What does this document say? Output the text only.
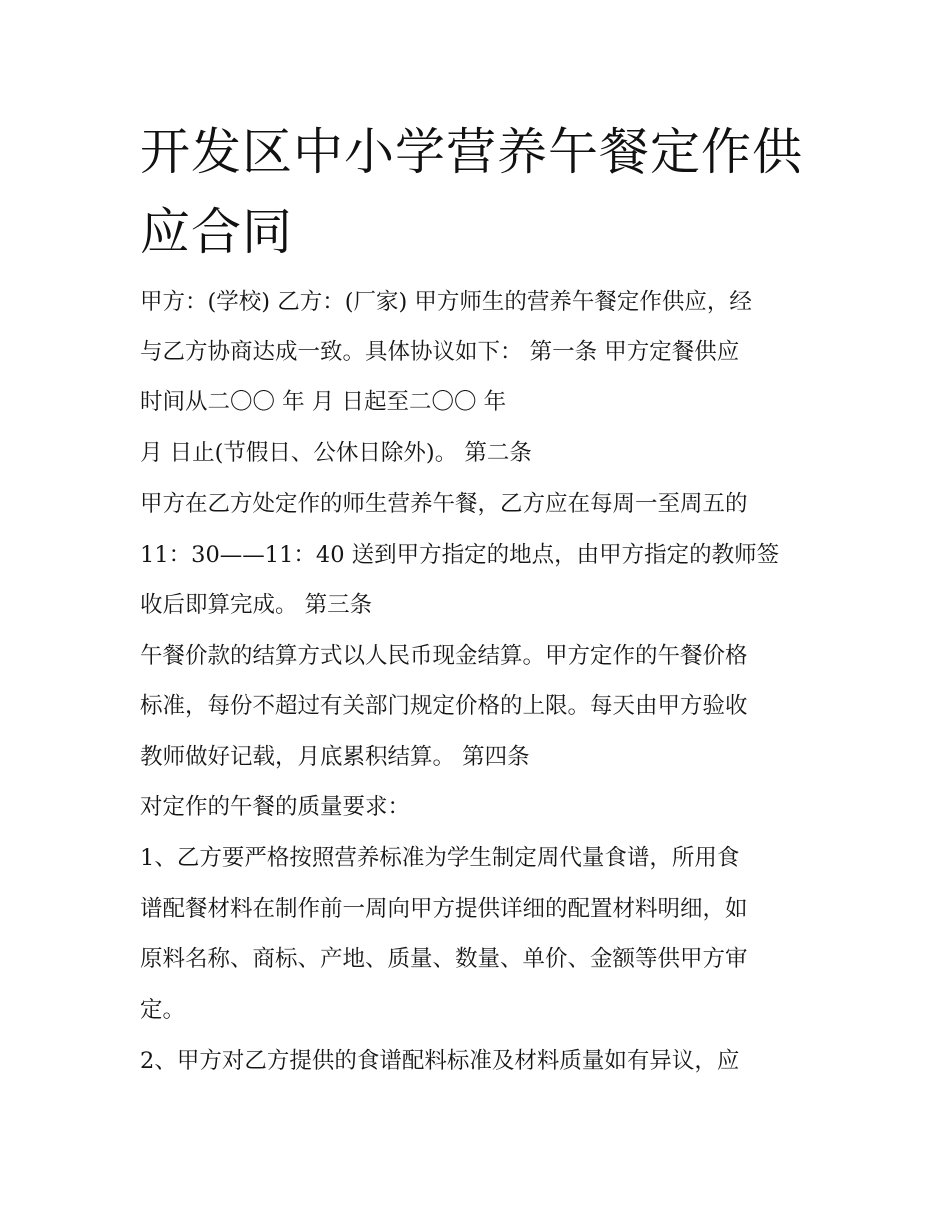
开发区中小学营养午餐定作供
应合同

甲方：(学校) 乙方：(厂家) 甲方师生的营养午餐定作供应，经

与乙方协商达成一致。具体协议如下： 第一条 甲方定餐供应

时间从二〇〇 年 月 日起至二〇〇 年

月 日止(节假日、公休日除外)。 第二条

甲方在乙方处定作的师生营养午餐，乙方应在每周一至周五的

11：30——11：40 送到甲方指定的地点，由甲方指定的教师签

收后即算完成。 第三条

午餐价款的结算方式以人民币现金结算。甲方定作的午餐价格

标准，每份不超过有关部门规定价格的上限。每天由甲方验收

教师做好记载，月底累积结算。 第四条

对定作的午餐的质量要求：

1、乙方要严格按照营养标准为学生制定周代量食谱，所用食

谱配餐材料在制作前一周向甲方提供详细的配置材料明细，如

原料名称、商标、产地、质量、数量、单价、金额等供甲方审

定。

2、甲方对乙方提供的食谱配料标准及材料质量如有异议，应
